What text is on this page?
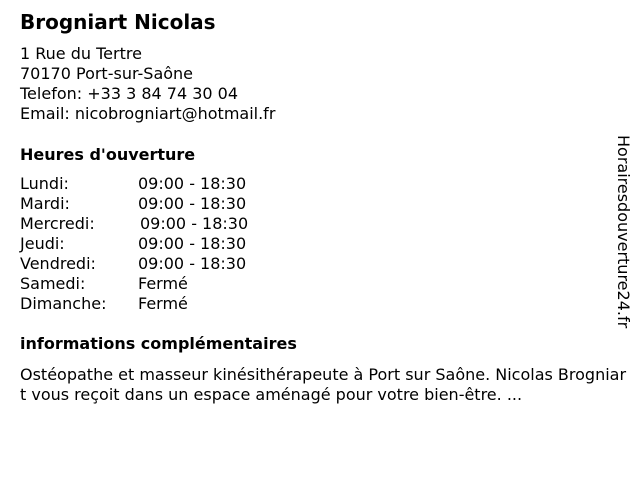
Brogniart Nicolas
1 Rue du Tertre
70170 Port-sur-Saône
Telefon: +33 3 84 74 30 04
Email: nicobrogniart@hotmail.fr
Heures d'ouverture
Lundi:	09:00 - 18:30
Mardi:	09:00 - 18:30
Mercredi:	09:00 - 18:30
Jeudi:	09:00 - 18:30
Vendredi:	09:00 - 18:30
Samedi:	Fermé
Dimanche:	Fermé
informations complémentaires
Ostéopathe et masseur kinésithérapeute à Port sur Saône. Nicolas Brogniart vous reçoit dans un espace aménagé pour votre bien-être. ...
Horairesdouverture24.fr
